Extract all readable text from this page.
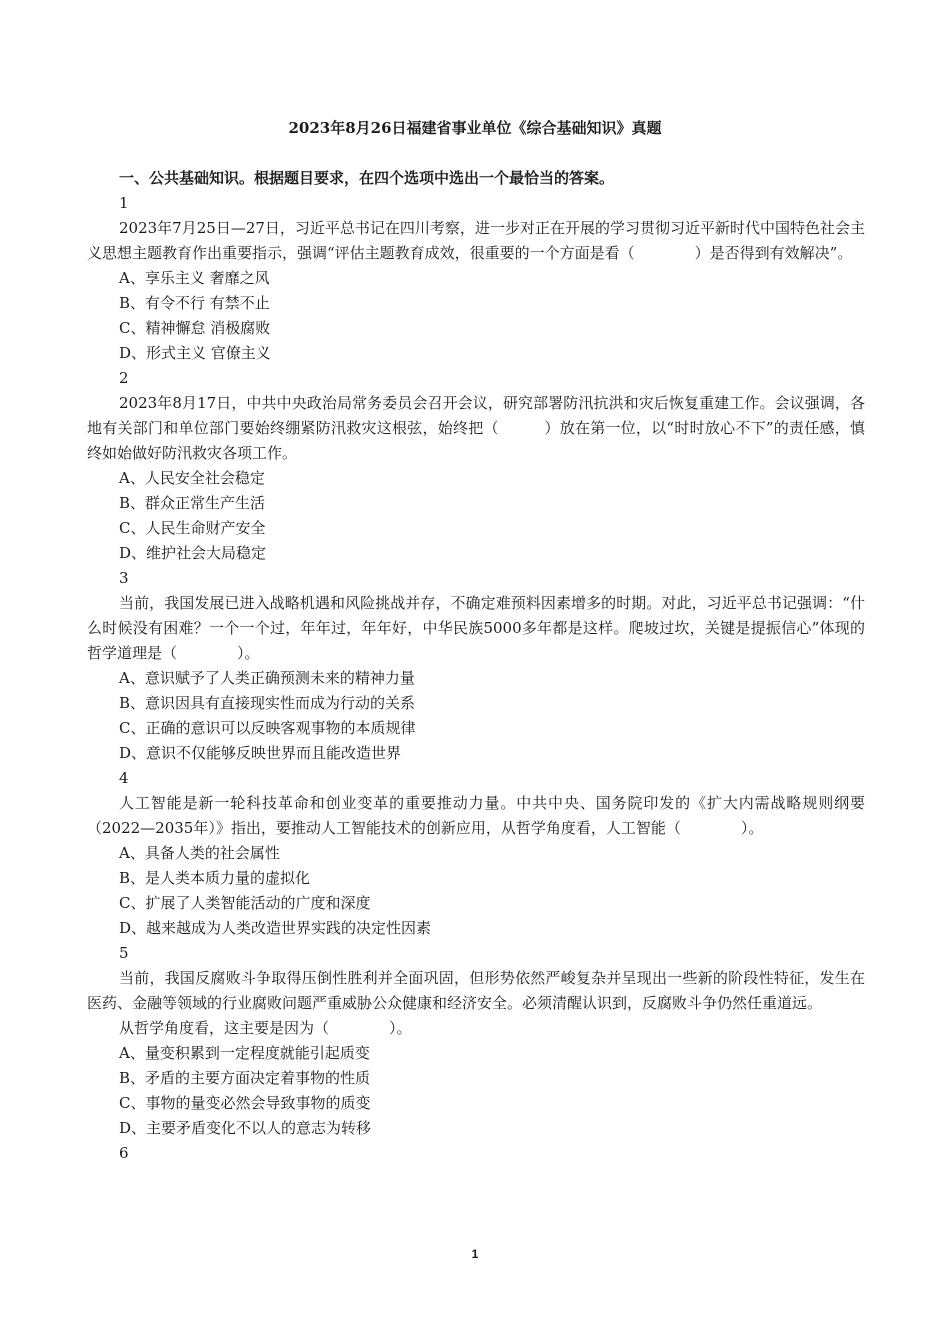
2023年8月26日福建省事业单位《综合基础知识》真题
一、公共基础知识。根据题目要求，在四个选项中选出一个最恰当的答案。
1
2023年7月25日—27日，习近平总书记在四川考察，进一步对正在开展的学习贯彻习近平新时代中国特色社会主义思想主题教育作出重要指示，强调“评估主题教育成效，很重要的一个方面是看（　　　　）是否得到有效解决”。
A、享乐主义 奢靡之风
B、有令不行 有禁不止
C、精神懈怠 消极腐败
D、形式主义 官僚主义
2
2023年8月17日，中共中央政治局常务委员会召开会议，研究部署防汛抗洪和灾后恢复重建工作。会议强调，各地有关部门和单位部门要始终绷紧防汛救灾这根弦，始终把（　　　）放在第一位，以“时时放心不下”的责任感，慎终如始做好防汛救灾各项工作。
A、人民安全社会稳定
B、群众正常生产生活
C、人民生命财产安全
D、维护社会大局稳定
3
当前，我国发展已进入战略机遇和风险挑战并存，不确定难预料因素增多的时期。对此，习近平总书记强调：“什么时候没有困难？一个一个过，年年过，年年好，中华民族5000多年都是这样。爬坡过坎，关键是提振信心”体现的哲学道理是（　　　　）。
A、意识赋予了人类正确预测未来的精神力量
B、意识因具有直接现实性而成为行动的关系
C、正确的意识可以反映客观事物的本质规律
D、意识不仅能够反映世界而且能改造世界
4
人工智能是新一轮科技革命和创业变革的重要推动力量。中共中央、国务院印发的《扩大内需战略规则纲要（2022—2035年）》指出，要推动人工智能技术的创新应用，从哲学角度看，人工智能（　　　　）。
A、具备人类的社会属性
B、是人类本质力量的虚拟化
C、扩展了人类智能活动的广度和深度
D、越来越成为人类改造世界实践的决定性因素
5
当前，我国反腐败斗争取得压倒性胜利并全面巩固，但形势依然严峻复杂并呈现出一些新的阶段性特征，发生在医药、金融等领域的行业腐败问题严重威胁公众健康和经济安全。必须清醒认识到，反腐败斗争仍然任重道远。
从哲学角度看，这主要是因为（　　　　）。
A、量变积累到一定程度就能引起质变
B、矛盾的主要方面决定着事物的性质
C、事物的量变必然会导致事物的质变
D、主要矛盾变化不以人的意志为转移
6
1
